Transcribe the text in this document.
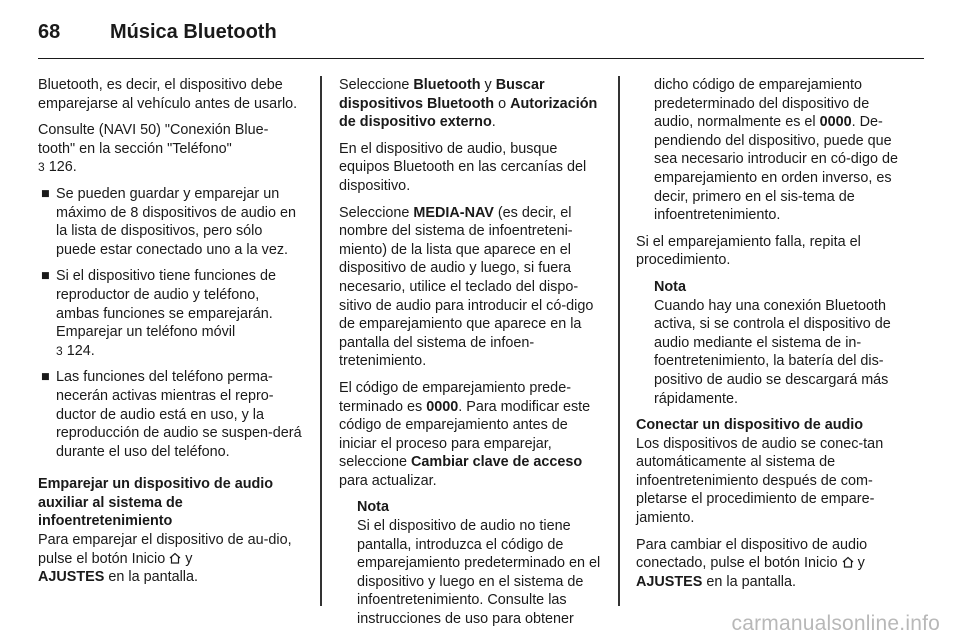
68 Música Bluetooth

Bluetooth, es decir, el dispositivo debe emparejarse al vehículo antes de usarlo.

Consulte (NAVI 50) "Conexión Blue-tooth" en la sección "Teléfono"
3 126.

■ Se pueden guardar y emparejar un máximo de 8 dispositivos de audio en la lista de dispositivos, pero sólo puede estar conectado uno a la vez.
■ Si el dispositivo tiene funciones de reproductor de audio y teléfono, ambas funciones se emparejarán. Emparejar un teléfono móvil
3 124.
■ Las funciones del teléfono perma-necerán activas mientras el repro-ductor de audio está en uso, y la reproducción de audio se suspen-derá durante el uso del teléfono.
Emparejar un dispositivo de audio auxiliar al sistema de infoentretenimiento

Para emparejar el dispositivo de au-dio, pulse el botón Inicio y
AJUSTES en la pantalla.

Seleccione Bluetooth y Buscar dispositivos Bluetooth o Autorización de dispositivo externo.

En el dispositivo de audio, busque equipos Bluetooth en las cercanías del dispositivo.

Seleccione MEDIA-NAV (es decir, el nombre del sistema de infoentreteni-miento) de la lista que aparece en el dispositivo de audio y luego, si fuera necesario, utilice el teclado del dispo-sitivo de audio para introducir el có-digo de emparejamiento que aparece en la pantalla del sistema de infoen-tretenimiento.

El código de emparejamiento prede-terminado es 0000. Para modificar este código de emparejamiento antes de iniciar el proceso para emparejar, seleccione Cambiar clave de acceso para actualizar.

Nota
Si el dispositivo de audio no tiene pantalla, introduzca el código de emparejamiento predeterminado en el dispositivo y luego en el sistema de infoentretenimiento. Consulte las instrucciones de uso para obtener
dicho código de emparejamiento predeterminado del dispositivo de audio, normalmente es el 0000. De-pendiendo del dispositivo, puede que sea necesario introducir en có-digo de emparejamiento en orden inverso, es decir, primero en el sis-tema de infoentretenimiento.

Si el emparejamiento falla, repita el procedimiento.

Nota
Cuando hay una conexión Bluetooth activa, si se controla el dispositivo de audio mediante el sistema de in-foentretenimiento, la batería del dis-positivo de audio se descargará más rápidamente.
Conectar un dispositivo de audio

Los dispositivos de audio se conec-tan automáticamente al sistema de infoentretenimiento después de com-pletarse el procedimiento de empare-jamiento.

Para cambiar el dispositivo de audio conectado, pulse el botón Inicio y
AJUSTES en la pantalla.

carmanualsonline.info
